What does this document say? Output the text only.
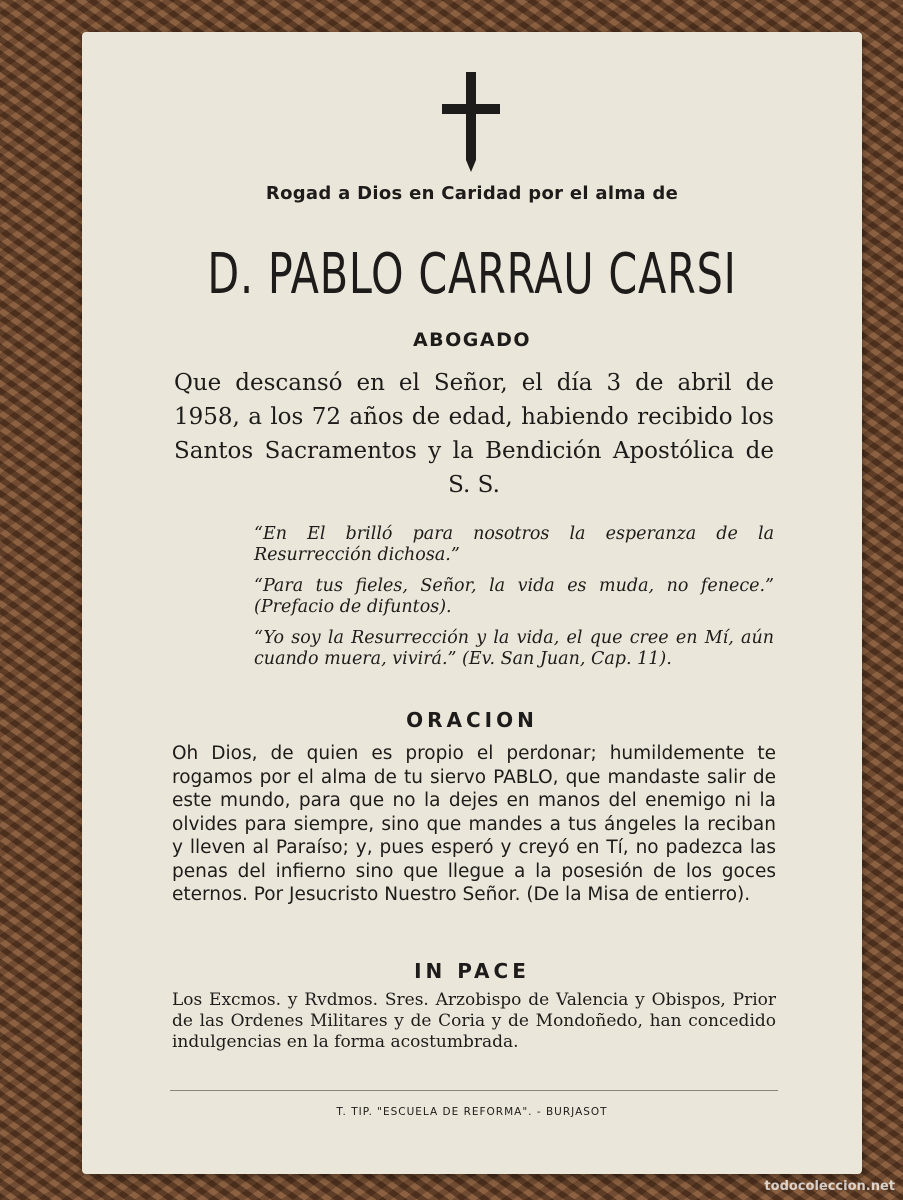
Rogad a Dios en Caridad por el alma de
D. PABLO CARRAU CARSI
ABOGADO
Que descansó en el Señor, el día 3 de abril de 1958, a los 72 años de edad, habiendo recibido los Santos Sacramentos y la Bendición Apostólica de S. S.

“En El brilló para nosotros la esperanza de la Resurrección dichosa.”

“Para tus fieles, Señor, la vida es muda, no fenece.” (Prefacio de difuntos).

“Yo soy la Resurrección y la vida, el que cree en Mí, aún cuando muera, vivirá.” (Ev. San Juan, Cap. 11).

ORACION
Oh Dios, de quien es propio el perdonar; humildemente te rogamos por el alma de tu siervo PABLO, que mandaste salir de este mundo, para que no la dejes en manos del enemigo ni la olvides para siempre, sino que mandes a tus ángeles la reciban y lleven al Paraíso; y, pues esperó y creyó en Tí, no padezca las penas del infierno sino que llegue a la posesión de los goces eternos. Por Jesucristo Nuestro Señor. (De la Misa de entierro).
IN PACE
Los Excmos. y Rvdmos. Sres. Arzobispo de Valencia y Obispos, Prior de las Ordenes Militares y de Coria y de Mondoñedo, han concedido indulgencias en la forma acostumbrada.
T. TIP. "ESCUELA DE REFORMA". - BURJASOT
todocoleccion.net
